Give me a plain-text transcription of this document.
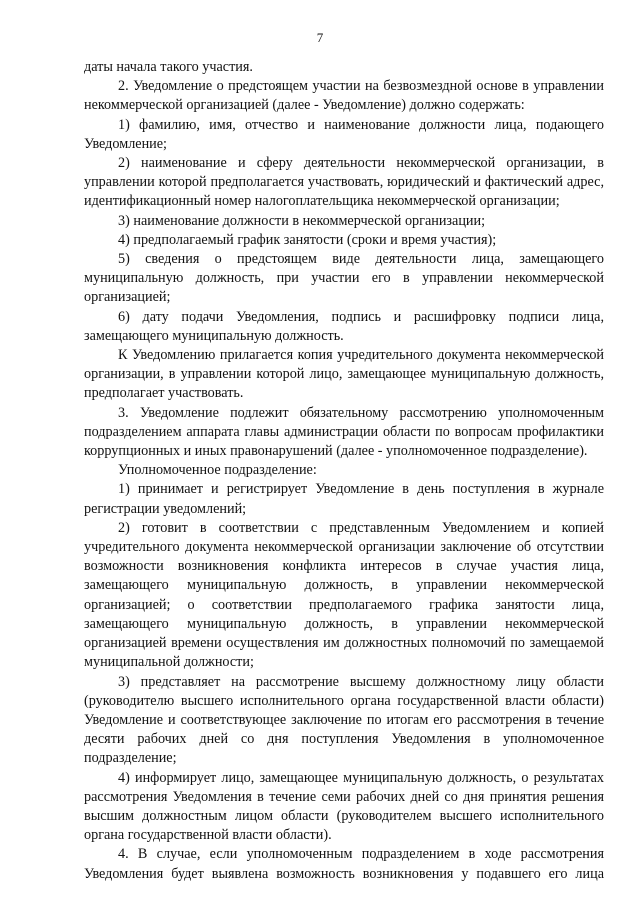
7

даты начала такого участия.

2. Уведомление о предстоящем участии на безвозмездной основе в управлении некоммерческой организацией (далее - Уведомление) должно содержать:

1) фамилию, имя, отчество и наименование должности лица, подающего Уведомление;

2) наименование и сферу деятельности некоммерческой организации, в управлении которой предполагается участвовать, юридический и фактический адрес, идентификационный номер налогоплательщика некоммерческой организации;

3) наименование должности в некоммерческой организации;

4) предполагаемый график занятости (сроки и время участия);

5) сведения о предстоящем виде деятельности лица, замещающего муниципальную должность, при участии его в управлении некоммерческой организацией;

6) дату подачи Уведомления, подпись и расшифровку подписи лица, замещающего муниципальную должность.

К Уведомлению прилагается копия учредительного документа некоммерческой организации, в управлении которой лицо, замещающее муниципальную должность, предполагает участвовать.

3. Уведомление подлежит обязательному рассмотрению уполномоченным подразделением аппарата главы администрации области по вопросам профилактики коррупционных и иных правонарушений (далее - уполномоченное подразделение).

Уполномоченное подразделение:

1) принимает и регистрирует Уведомление в день поступления в журнале регистрации уведомлений;

2) готовит в соответствии с представленным Уведомлением и копией учредительного документа некоммерческой организации заключение об отсутствии возможности возникновения конфликта интересов в случае участия лица, замещающего муниципальную должность, в управлении некоммерческой организацией; о соответствии предполагаемого графика занятости лица, замещающего муниципальную должность, в управлении некоммерческой организацией времени осуществления им должностных полномочий по замещаемой муниципальной должности;

3) представляет на рассмотрение высшему должностному лицу области (руководителю высшего исполнительного органа государственной власти области) Уведомление и соответствующее заключение по итогам его рассмотрения в течение десяти рабочих дней со дня поступления Уведомления в уполномоченное подразделение;

4) информирует лицо, замещающее муниципальную должность, о результатах рассмотрения Уведомления в течение семи рабочих дней со дня принятия решения высшим должностным лицом области (руководителем высшего исполнительного органа государственной власти области).

4. В случае, если уполномоченным подразделением в ходе рассмотрения Уведомления будет выявлена возможность возникновения у подавшего его лица
